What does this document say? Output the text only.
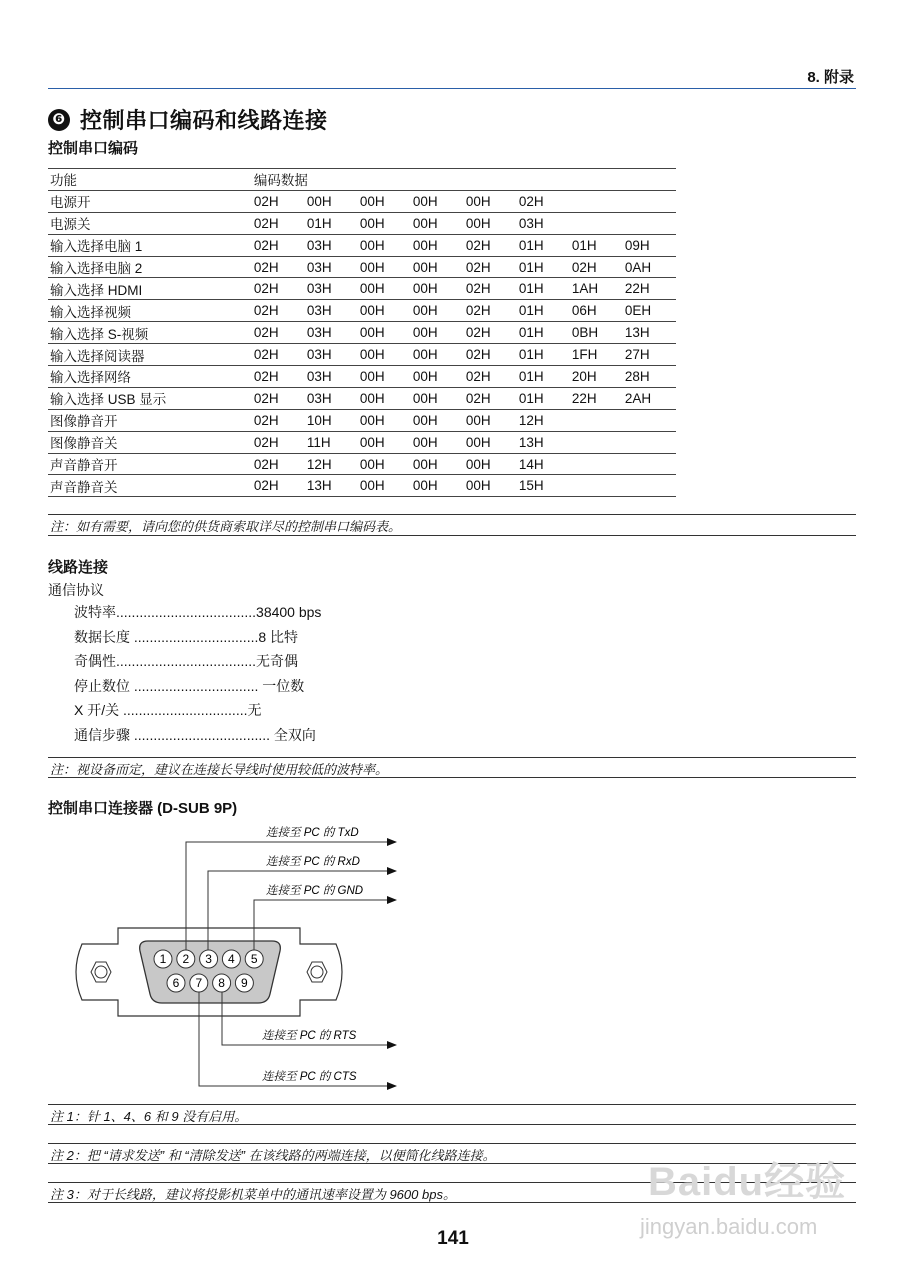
8. 附录
❻ 控制串口编码和线路连接
控制串口编码
功能	编码数据							
电源开	02H	00H	00H	00H	00H	02H		
电源关	02H	01H	00H	00H	00H	03H		
输入选择电脑 1	02H	03H	00H	00H	02H	01H	01H	09H
输入选择电脑 2	02H	03H	00H	00H	02H	01H	02H	0AH
输入选择 HDMI	02H	03H	00H	00H	02H	01H	1AH	22H
输入选择视频	02H	03H	00H	00H	02H	01H	06H	0EH
输入选择 S-视频	02H	03H	00H	00H	02H	01H	0BH	13H
输入选择阅读器	02H	03H	00H	00H	02H	01H	1FH	27H
输入选择网络	02H	03H	00H	00H	02H	01H	20H	28H
输入选择 USB 显示	02H	03H	00H	00H	02H	01H	22H	2AH
图像静音开	02H	10H	00H	00H	00H	12H		
图像静音关	02H	11H	00H	00H	00H	13H		
声音静音开	02H	12H	00H	00H	00H	14H		
声音静音关	02H	13H	00H	00H	00H	15H		
注：如有需要，请向您的供货商索取详尽的控制串口编码表。
线路连接
通信协议
波特率....................................38400 bps
数据长度 ................................8 比特
奇偶性....................................无奇偶
停止数位 ................................ 一位数
X 开/关 ................................无
通信步骤 ................................... 全双向
注：视设备而定，建议在连接长导线时使用较低的波特率。
控制串口连接器 (D-SUB 9P)
1 2 3 4 5
6 7 8 9
连接至 PC 的 TxD
连接至 PC 的 RxD
连接至 PC 的 GND
连接至 PC 的 RTS
连接至 PC 的 CTS
注 1：针 1、4、6 和 9 没有启用。
注 2：把 “请求发送” 和 “清除发送” 在该线路的两端连接，以便简化线路连接。
注 3：对于长线路，建议将投影机菜单中的通讯速率设置为 9600 bps。
141
Baidu经验
jingyan.baidu.com
